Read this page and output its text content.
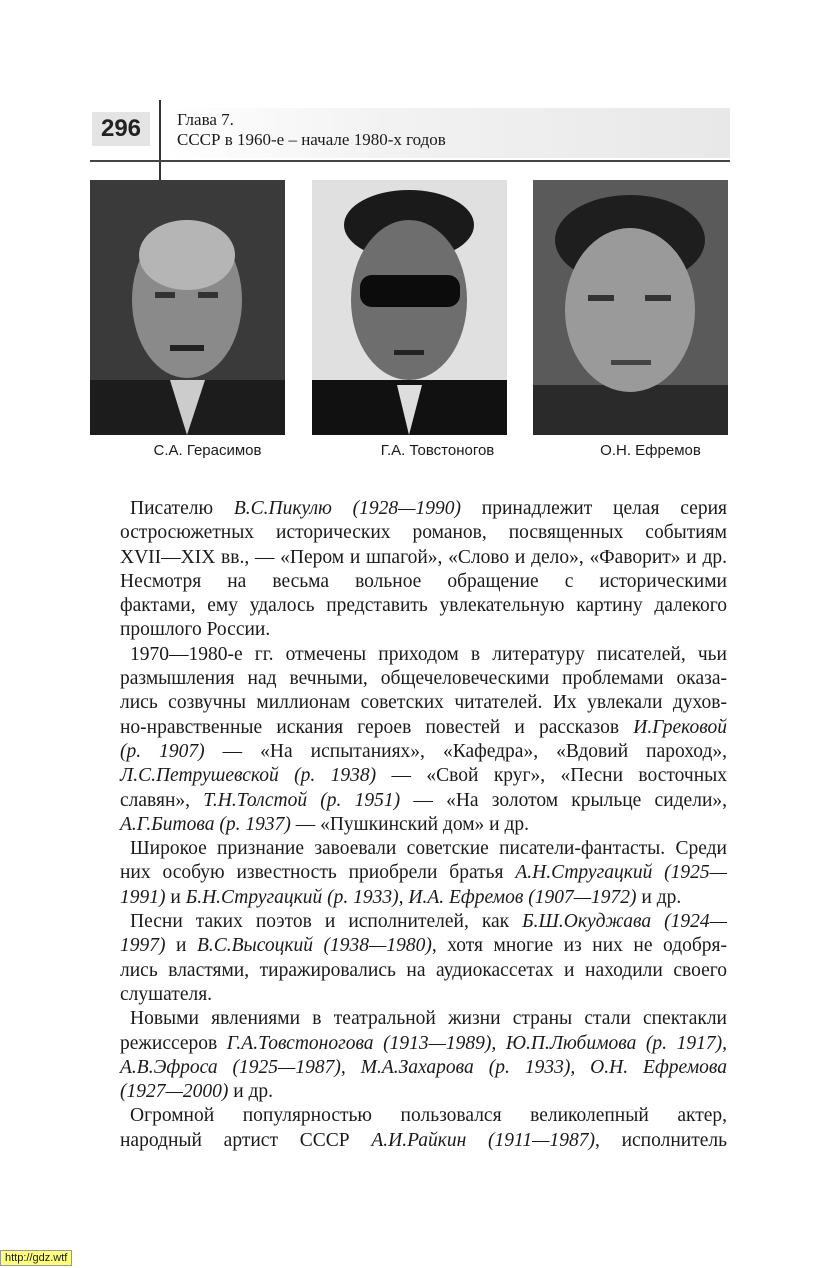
296	Глава 7.
СССР в 1960-е – начале 1980-х годов
С.А. Герасимов	Г.А. Товстоногов	О.Н. Ефремов
Писателю В.С.Пикулю (1928—1990) принадлежит целая серия
остросюжетных исторических романов, посвященных событиям
XVII—XIX вв., — «Пером и шпагой», «Слово и дело», «Фаворит» и др.
Несмотря на весьма вольное обращение с историческими
фактами, ему удалось представить увлекательную картину далекого
прошлого России.
1970—1980-е гг. отмечены приходом в литературу писателей, чьи
размышления над вечными, общечеловеческими проблемами оказа-
лись созвучны миллионам советских читателей. Их увлекали духов-
но-нравственные искания героев повестей и рассказов И.Грековой
(р. 1907) — «На испытаниях», «Кафедра», «Вдовий пароход»,
Л.С.Петрушевской (р. 1938) — «Свой круг», «Песни восточных
славян», Т.Н.Толстой (р. 1951) — «На золотом крыльце сидели»,
А.Г.Битова (р. 1937) — «Пушкинский дом» и др.
Широкое признание завоевали советские писатели-фантасты. Среди
них особую известность приобрели братья А.Н.Стругацкий (1925—
1991) и Б.Н.Стругацкий (р. 1933), И.А. Ефремов (1907—1972) и др.
Песни таких поэтов и исполнителей, как Б.Ш.Окуджава (1924—
1997) и В.С.Высоцкий (1938—1980), хотя многие из них не одобря-
лись властями, тиражировались на аудиокассетах и находили своего
слушателя.
Новыми явлениями в театральной жизни страны стали спектакли
режиссеров Г.А.Товстоногова (1913—1989), Ю.П.Любимова (р. 1917),
А.В.Эфроса (1925—1987), М.А.Захарова (р. 1933), О.Н. Ефремова
(1927—2000) и др.
Огромной популярностью пользовался великолепный актер,
народный артист СССР А.И.Райкин (1911—1987), исполнитель
http://gdz.wtf
